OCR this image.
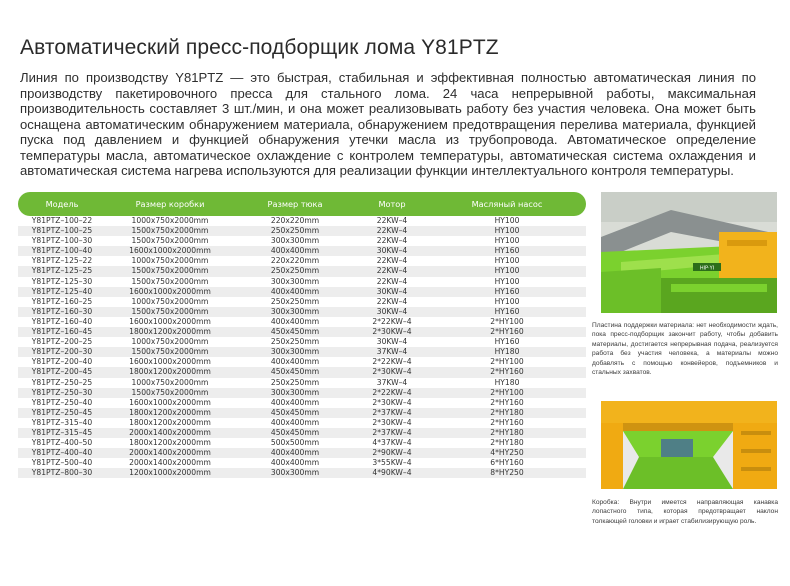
Автоматический пресс-подборщик лома Y81PTZ
Линия по производству Y81PTZ — это быстрая, стабильная и эффективная полностью автоматическая линия по производству пакетировочного пресса для стального лома. 24 часа непрерывной работы, максимальная производительность составляет 3 шт./мин, и она может реализовывать работу без участия человека. Она может быть оснащена автоматическим обнаружением материала, обнаружением предотвращения перелива материала, функцией пуска под давлением и функцией обнаружения утечки масла из трубопровода. Автоматическое определение температуры масла, автоматическое охлаждение с контролем температуры, автоматическая система охлаждения и автоматическая система нагрева используются для реализации функции интеллектуального контроля температуры.
Модель	Размер коробки	Размер тюка	Мотор	Масляный насос
Y81PTZ–100–22	1000x750x2000mm	220x220mm	22KW–4	HY100
Y81PTZ–100–25	1500x750x2000mm	250x250mm	22KW–4	HY100
Y81PTZ–100–30	1500x750x2000mm	300x300mm	22KW–4	HY100
Y81PTZ–100–40	1600x1000x2000mm	400x400mm	30KW–4	HY160
Y81PTZ–125–22	1000x750x2000mm	220x220mm	22KW–4	HY100
Y81PTZ–125–25	1500x750x2000mm	250x250mm	22KW–4	HY100
Y81PTZ–125–30	1500x750x2000mm	300x300mm	22KW–4	HY100
Y81PTZ–125–40	1600x1000x2000mm	400x400mm	30KW–4	HY160
Y81PTZ–160–25	1000x750x2000mm	250x250mm	22KW–4	HY100
Y81PTZ–160–30	1500x750x2000mm	300x300mm	30KW–4	HY160
Y81PTZ–160–40	1600x1000x2000mm	400x400mm	2*22KW–4	2*HY100
Y81PTZ–160–45	1800x1200x2000mm	450x450mm	2*30KW–4	2*HY160
Y81PTZ–200–25	1000x750x2000mm	250x250mm	30KW–4	HY160
Y81PTZ–200–30	1500x750x2000mm	300x300mm	37KW–4	HY180
Y81PTZ–200–40	1600x1000x2000mm	400x400mm	2*22KW–4	2*HY100
Y81PTZ–200–45	1800x1200x2000mm	450x450mm	2*30KW–4	2*HY160
Y81PTZ–250–25	1000x750x2000mm	250x250mm	37KW–4	HY180
Y81PTZ–250–30	1500x750x2000mm	300x300mm	2*22KW–4	2*HY100
Y81PTZ–250–40	1600x1000x2000mm	400x400mm	2*30KW–4	2*HY160
Y81PTZ–250–45	1800x1200x2000mm	450x450mm	2*37KW–4	2*HY180
Y81PTZ–315–40	1800x1200x2000mm	400x400mm	2*30KW–4	2*HY160
Y81PTZ–315–45	2000x1400x2000mm	450x450mm	2*37KW–4	2*HY180
Y81PTZ–400–50	1800x1200x2000mm	500x500mm	4*37KW–4	2*HY180
Y81PTZ–400–40	2000x1400x2000mm	400x400mm	2*90KW–4	4*HY250
Y81PTZ–500–40	2000x1400x2000mm	400x400mm	3*55KW–4	6*HY160
Y81PTZ–800–30	1200x1000x2000mm	300x300mm	4*90KW–4	8*HY250
HIP·YI
Пластина поддержки материала: нет необходимости ждать, пока пресс-подборщик закончит работу, чтобы добавить материалы, достигается непрерывная подача, реализуется работа без участия человека, а материалы можно добавлять с помощью конвейеров, подъемников и стальных захватов.
Коробка: Внутри имеется направляющая канавка лопастного типа, которая предотвращает наклон толкающей головки и играет стабилизирующую роль.
